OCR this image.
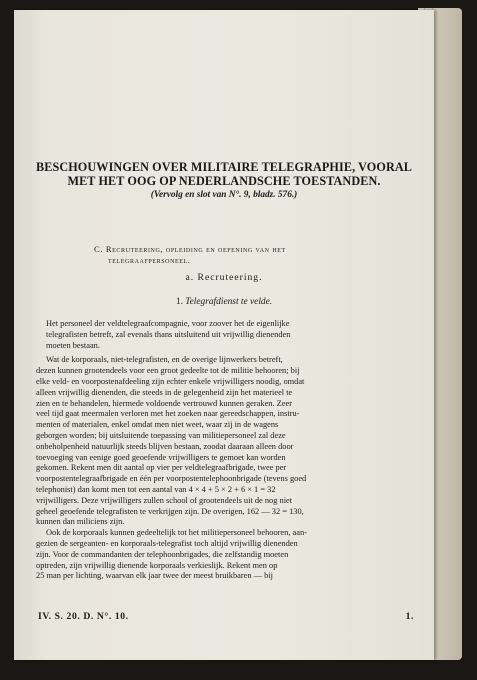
BESCHOUWINGEN OVER MILITAIRE TELEGRAPHIE, VOORAL
MET HET OOG OP NEDERLANDSCHE TOESTANDEN.
(Vervolg en slot van N°. 9, bladz. 576.)
C. Recruteering, opleiding en oefening van het
telegraafpersoneel.
a. Recruteering.
1. Telegrafdienst te velde.

Het personeel der veldtelegraafcompagnie, voor zoover het de eigenlijke
telegrafisten betreft, zal evenals thans uitsluitend uit vrijwillig dienenden
moeten bestaan.

Wat de korporaals, niet-telegrafisten, en de overige lijnwerkers betreft,
dezen kunnen grootendeels voor een groot gedeelte tot de militie behooren; bij
elke veld- en voorpostenafdeeling zijn echter enkele vrijwilligers noodig, omdat
alleen vrijwillig dienenden, die steeds in de gelegenheid zijn het materieel te
zien en te behandelen, hiermede voldoende vertrouwd kunnen geraken. Zeer
veel tijd gaat meermalen verloren met het zoeken naar gereedschappen, instru-
menten of materialen, enkel omdat men niet weet, waar zij in de wagens
geborgen worden; bij uitsluitende toepassing van militiepersoneel zal deze
onbeholpenheid natuurlijk steeds blijven bestaan, zoodat daaraan alleen door
toevoeging van eenige goed geoefende vrijwilligers te gemoet kan worden
gekomen. Rekent men dit aantal op vier per veldtelegraafbrigade, twee per
voorpostentelegraafbrigade en één per voorpostentelephoonbrigade (tevens goed
telephonist) dan komt men tot een aantal van 4 × 4 + 5 × 2 + 6 × 1 = 32
vrijwilligers. Deze vrijwilligers zullen school of grootendeels uit de nog niet
geheel geoefende telegrafisten te verkrijgen zijn. De overigen, 162 — 32 = 130,
kunnen dan miliciens zijn.

Ook de korporaals kunnen gedeeltelijk tot het militiepersoneel behooren, aan-
gezien de sergeanten- en korporaals-telegrafist toch altijd vrijwillig dienenden
zijn. Voor de commandanten der telephoonbrigades, die zelfstandig moeten
optreden, zijn vrijwillig dienende korporaals verkieslijk. Rekent men op
25 man per lichting, waarvan elk jaar twee der meest bruikbaren — bij

IV. S. 20. D. N°. 10.	1.
